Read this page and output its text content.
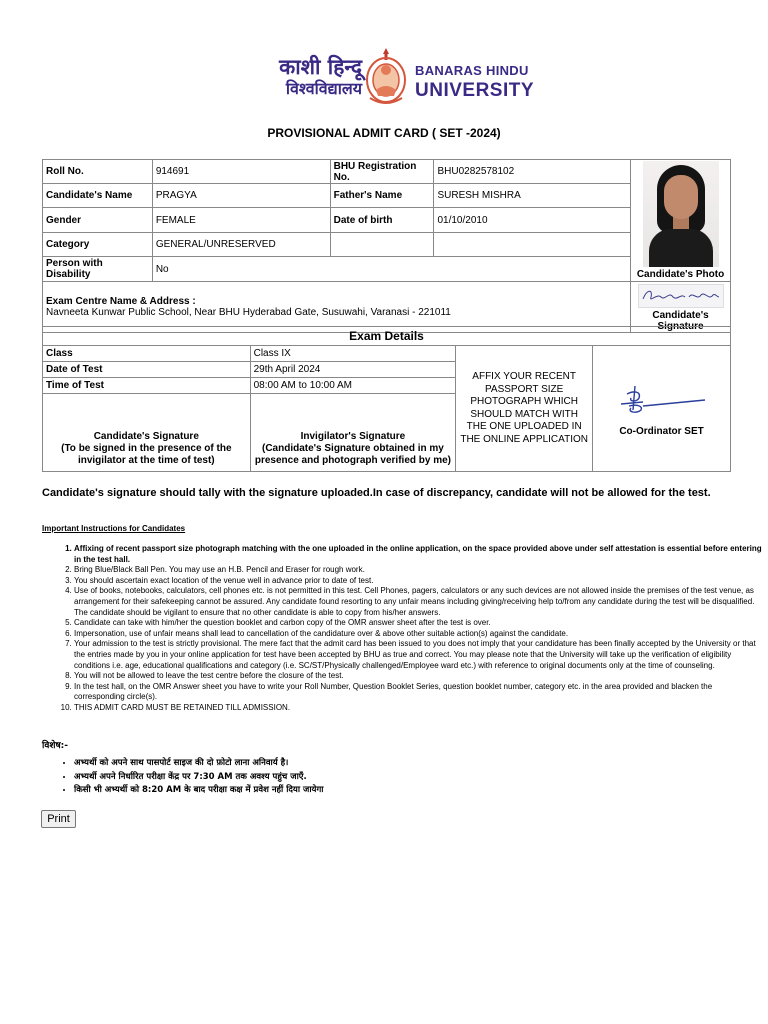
काशी हिन्दू
विश्वविद्यालय
BANARAS HINDU
UNIVERSITY
PROVISIONAL ADMIT CARD ( SET -2024)
Roll No.	914691	BHU Registration No.	BHU0282578102	Candidate's Photo

Candidate's Name	PRAGYA	Father's Name	SURESH MISHRA	
Gender	FEMALE	Date of birth	01/10/2010	
Category	GENERAL/UNRESERVED			
Person with Disability	No			

Exam Centre Name & Address :
Navneeta Kunwar Public School, Near BHU Hyderabad Gate, Susuwahi, Varanasi - 221011				Candidate's Signature
Exam Details			
Class	Class IX	AFFIX YOUR RECENT PASSPORT SIZE PHOTOGRAPH WHICH SHOULD MATCH WITH THE ONE UPLOADED IN THE ONLINE APPLICATION	Co-Ordinator SET
Date of Test	29th April 2024		
Time of Test	08:00 AM to 10:00 AM		

Candidate's Signature
(To be signed in the presence of the invigilator at the time of test)	Invigilator's Signature
(Candidate's Signature obtained in my presence and photograph verified by me)		
Candidate's signature should tally with the signature uploaded.In case of discrepancy, candidate will not be allowed for the test.
Important Instructions for Candidates
1. Affixing of recent passport size photograph matching with the one uploaded in the online application, on the space provided above under self attestation is essential before entering in the test hall.
2. Bring Blue/Black Ball Pen. You may use an H.B. Pencil and Eraser for rough work.
3. You should ascertain exact location of the venue well in advance prior to date of test.
4. Use of books, notebooks, calculators, cell phones etc. is not permitted in this test. Cell Phones, pagers, calculators or any such devices are not allowed inside the premises of the test venue, as arrangement for their safekeeping cannot be assured. Any candidate found resorting to any unfair means including giving/receiving help to/from any candidate during the test will be disqualified. The candidate should be vigilant to ensure that no other candidate is able to copy from his/her answers.
5. Candidate can take with him/her the question booklet and carbon copy of the OMR answer sheet after the test is over.
6. Impersonation, use of unfair means shall lead to cancellation of the candidature over & above other suitable action(s) against the candidate.
7. Your admission to the test is strictly provisional. The mere fact that the admit card has been issued to you does not imply that your candidature has been finally accepted by the University or that the entries made by you in your online application for test have been accepted by BHU as true and correct. You may please note that the University will take up the verification of eligibility conditions i.e. age, educational qualifications and category (i.e. SC/ST/Physically challenged/Employee ward etc.) with reference to original documents only at the time of counseling.
8. You will not be allowed to leave the test centre before the closure of the test.
9. In the test hall, on the OMR Answer sheet you have to write your Roll Number, Question Booklet Series, question booklet number, category etc. in the area provided and blacken the corresponding circle(s).
10. THIS ADMIT CARD MUST BE RETAINED TILL ADMISSION.
विशेष:-
• अभ्यर्थी को अपने साथ पासपोर्ट साइज की दो फ़ोटो लाना अनिवार्य है।
• अभ्यर्थी अपने निर्धारित परीक्षा केंद्र पर 7:30 AM तक अवश्य पहुंच जाएँ.
• किसी भी अभ्यर्थी को 8:20 AM के बाद परीक्षा कक्ष में प्रवेश नहीं दिया जायेगा
Print
